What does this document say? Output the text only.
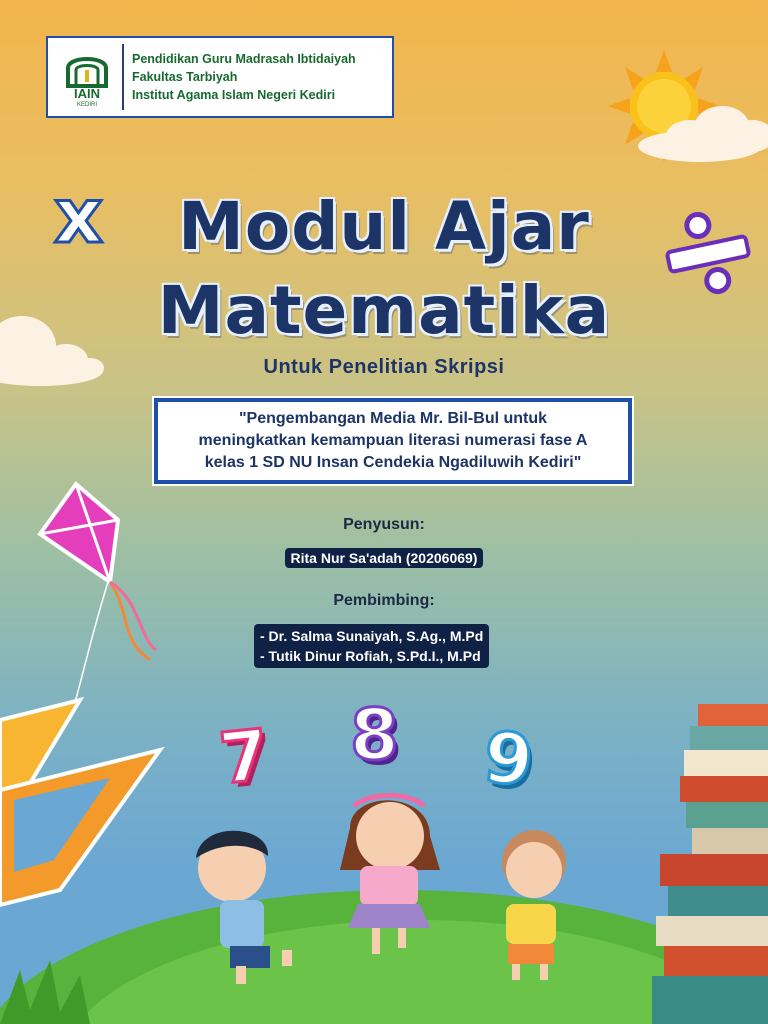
IAIN
KEDIRI
Pendidikan Guru Madrasah Ibtidaiyah
Fakultas Tarbiyah
Institut Agama Islam Negeri Kediri
x	Modul Ajar
Matematika
Untuk Penelitian Skripsi
"Pengembangan Media Mr. Bil-Bul untuk
meningkatkan kemampuan literasi numerasi fase A
kelas 1 SD NU Insan Cendekia Ngadiluwih Kediri"
Penyusun:
Rita Nur Sa'adah (20206069)
Pembimbing:
- Dr. Salma Sunaiyah, S.Ag., M.Pd
- Tutik Dinur Rofiah, S.Pd.I., M.Pd
7 8 9
